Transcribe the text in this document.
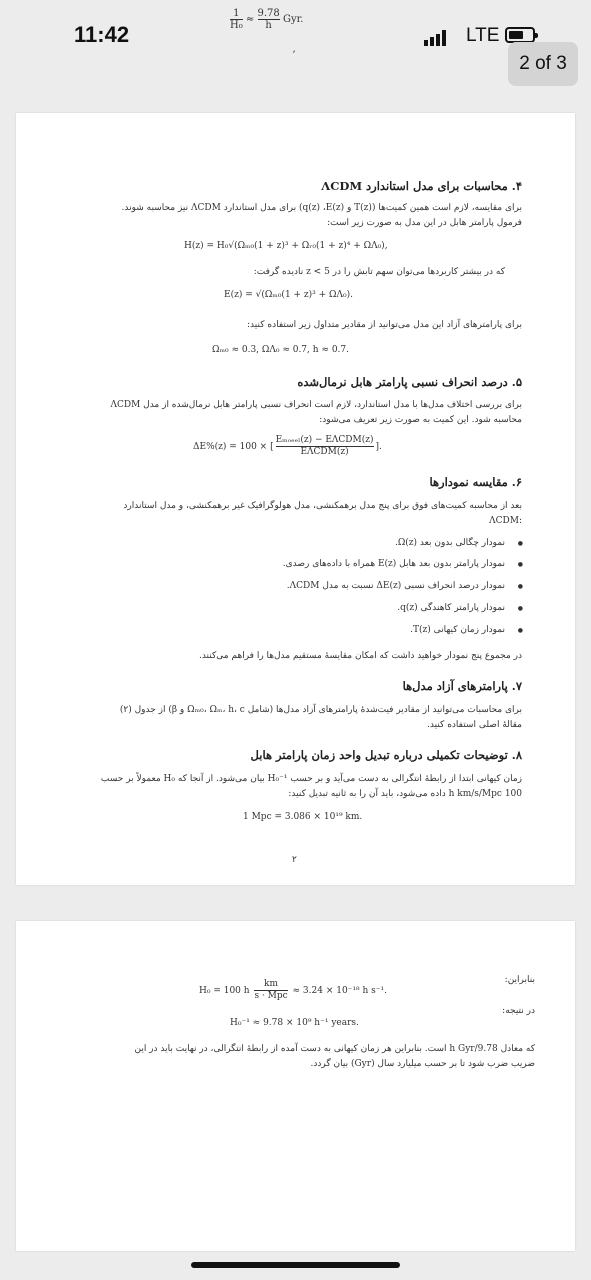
11:42
$\frac{1}{\text{H₀}} \approx \frac{9.78}{h}$ Gyr.
ʼ
LTE
2 of 3
۴. محاسبات برای مدل استاندارد ΛCDM
برای مقایسه، لازم است همین کمیت‌ها (T(z) و q(z) ،E(z)) برای مدل استاندارد ΛCDM نیز محاسبه شوند.
فرمول پارامتر هابل در این مدل به صورت زیر است:
H(z) = H₀√(Ωₘ₀(1 + z)³ + Ωᵣ₀(1 + z)⁴ + ΩΛ₀),
که در بیشتر کاربردها می‌توان سهم تابش را در z < 5 نادیده گرفت:
E(z) = √(Ωₘ₀(1 + z)³ + ΩΛ₀).
برای پارامترهای آزاد این مدل می‌توانید از مقادیر متداول زیر استفاده کنید:
Ωₘ₀ ≈ 0.3, ΩΛ₀ ≈ 0.7, h ≈ 0.7.
۵. درصد انحراف نسبی پارامتر هابل نرمال‌شده
برای بررسی اختلاف مدل‌ها با مدل استاندارد، لازم است انحراف نسبی پارامتر هابل نرمال‌شده از مدل ΛCDM
محاسبه شود. این کمیت به صورت زیر تعریف می‌شود:
ΔE%(z) = 100 × [ $\frac{\text{Eₘₒₑₑₗ(z) − EΛCDM(z)}}{\text{EΛCDM(z)}}$ ].
۶. مقایسه نمودارها
بعد از محاسبه کمیت‌های فوق برای پنج مدل برهمکنشی، مدل هولوگرافیک غیر برهمکنشی، و مدل استاندارد
:ΛCDM
نمودار چگالی بدون بعد Ω(z). ●
نمودار پارامتر بدون بعد هابل E(z) همراه با داده‌های رصدی. ●
نمودار درصد انحراف نسبی ΔE(z) نسبت به مدل ΛCDM. ●
نمودار پارامتر کاهندگی q(z). ●
نمودار زمان کیهانی T(z). ●
در مجموع پنج نمودار خواهید داشت که امکان مقایسهٔ مستقیم مدل‌ها را فراهم می‌کنند.
۷. پارامترهای آزاد مدل‌ها
برای محاسبات می‌توانید از مقادیر فیت‌شدهٔ پارامترهای آزاد مدل‌ها (شامل Ωₘ₀، Ωₘ، h، c و β) از جدول (۲)
مقالهٔ اصلی استفاده کنید.
۸. توضیحات تکمیلی درباره تبدیل واحد زمان پارامتر هابل
زمان کیهانی ابتدا از رابطهٔ انتگرالی به دست می‌آید و بر حسب H₀⁻¹ بیان می‌شود. از آنجا که H₀ معمولاً بر حسب
100 h km/s/Mpc داده می‌شود، باید آن را به ثانیه تبدیل کنید:
1 Mpc = 3.086 × 10¹⁹ km.
۲
بنابراین:
H₀ = 100 h $\frac{km}{\text{s · Mpc}} \approx 3.24 \times 10^{-18}$ h s⁻¹.
در نتیجه:
H₀⁻¹ ≈ 9.78 × 10⁹ h⁻¹ years.
که معادل 9.78/h Gyr است. بنابراین هر زمان کیهانی به دست آمده از رابطهٔ انتگرالی، در نهایت باید در این
ضریب ضرب شود تا بر حسب میلیارد سال (Gyr) بیان گردد.
